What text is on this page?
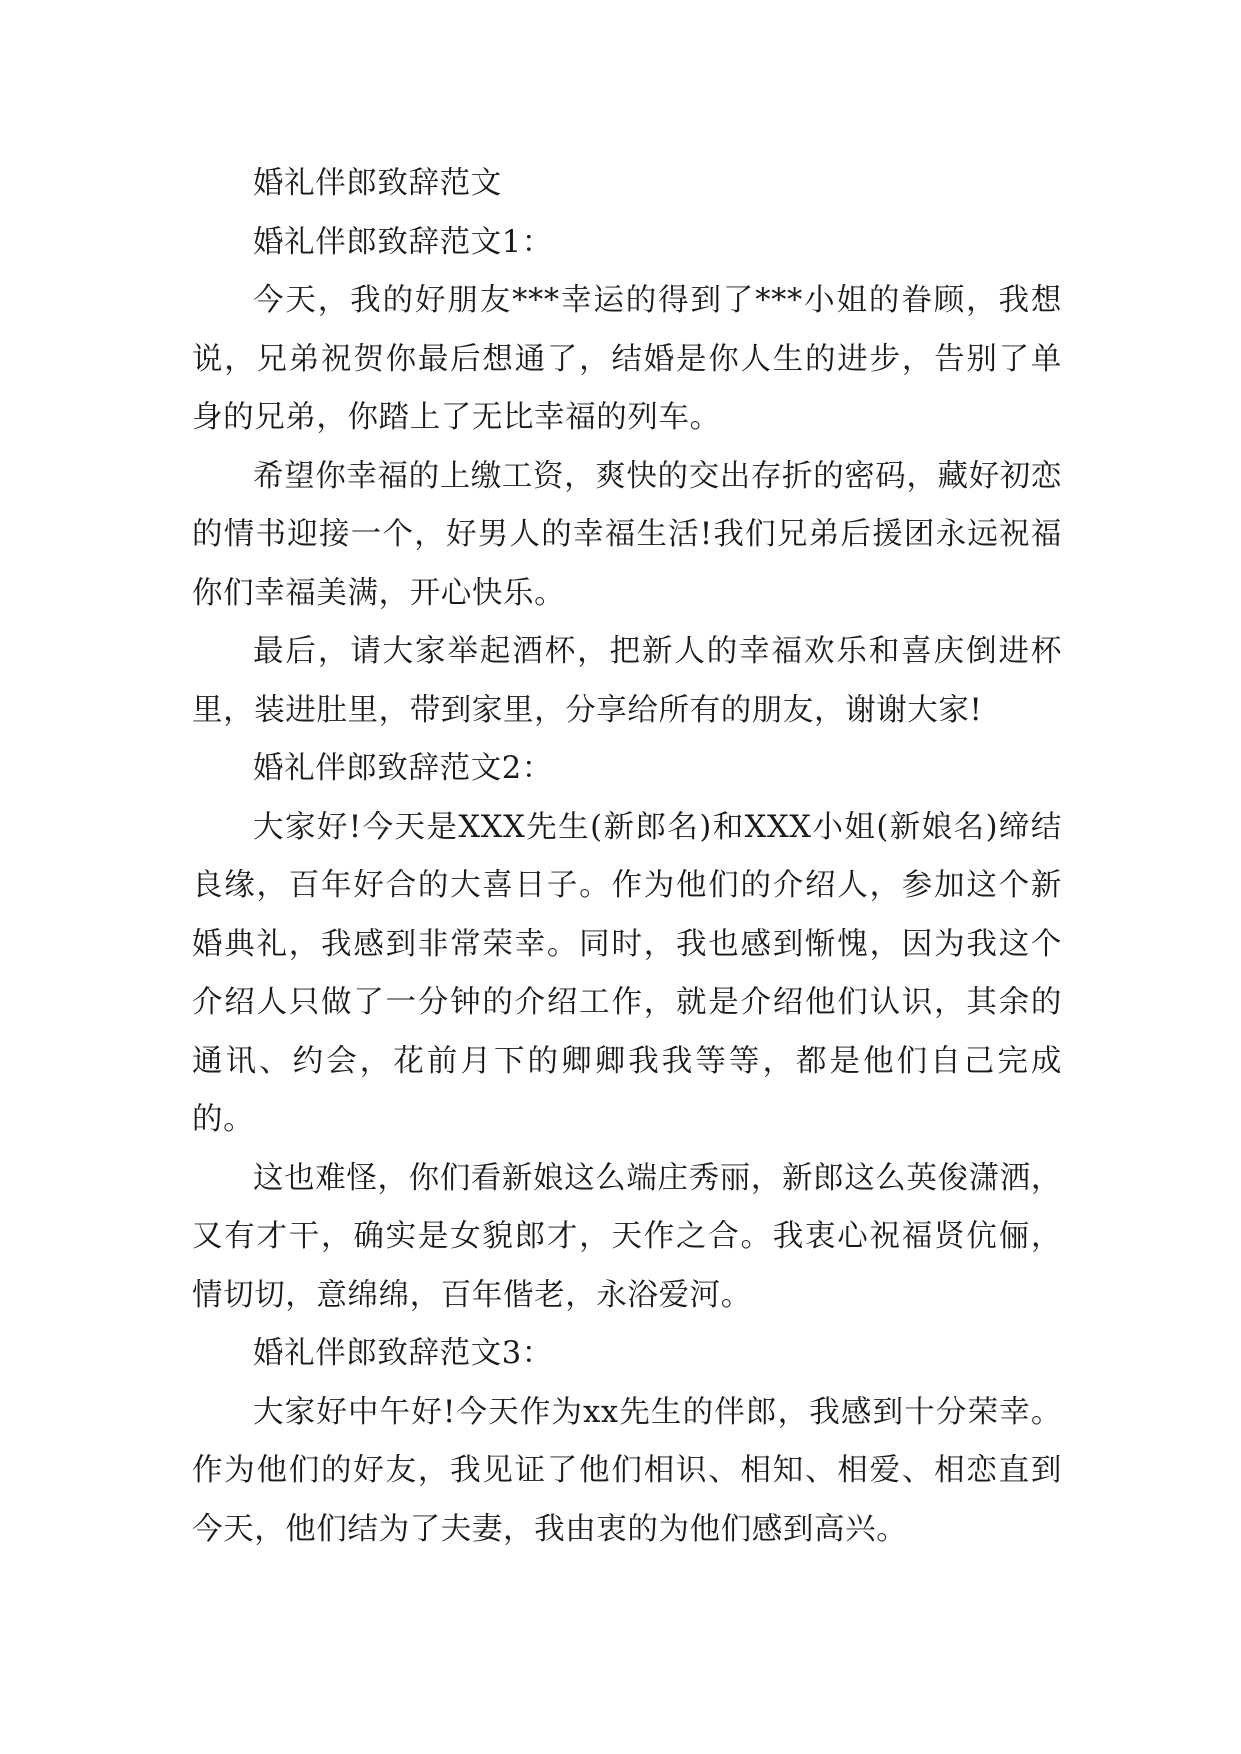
婚礼伴郎致辞范文

婚礼伴郎致辞范文1：

今天，我的好朋友***幸运的得到了***小姐的眷顾，我想说，兄弟祝贺你最后想通了，结婚是你人生的进步，告别了单身的兄弟，你踏上了无比幸福的列车。

希望你幸福的上缴工资，爽快的交出存折的密码，藏好初恋的情书迎接一个，好男人的幸福生活!我们兄弟后援团永远祝福你们幸福美满，开心快乐。

最后，请大家举起酒杯，把新人的幸福欢乐和喜庆倒进杯里，装进肚里，带到家里，分享给所有的朋友，谢谢大家!

婚礼伴郎致辞范文2：

大家好!今天是XXX先生(新郎名)和XXX小姐(新娘名)缔结良缘，百年好合的大喜日子。作为他们的介绍人，参加这个新婚典礼，我感到非常荣幸。同时，我也感到惭愧，因为我这个介绍人只做了一分钟的介绍工作，就是介绍他们认识，其余的通讯、约会，花前月下的卿卿我我等等，都是他们自己完成的。

这也难怪，你们看新娘这么端庄秀丽，新郎这么英俊潇洒，又有才干，确实是女貌郎才，天作之合。我衷心祝福贤伉俪，情切切，意绵绵，百年偕老，永浴爱河。

婚礼伴郎致辞范文3：

大家好中午好!今天作为xx先生的伴郎，我感到十分荣幸。作为他们的好友，我见证了他们相识、相知、相爱、相恋直到今天，他们结为了夫妻，我由衷的为他们感到高兴。
